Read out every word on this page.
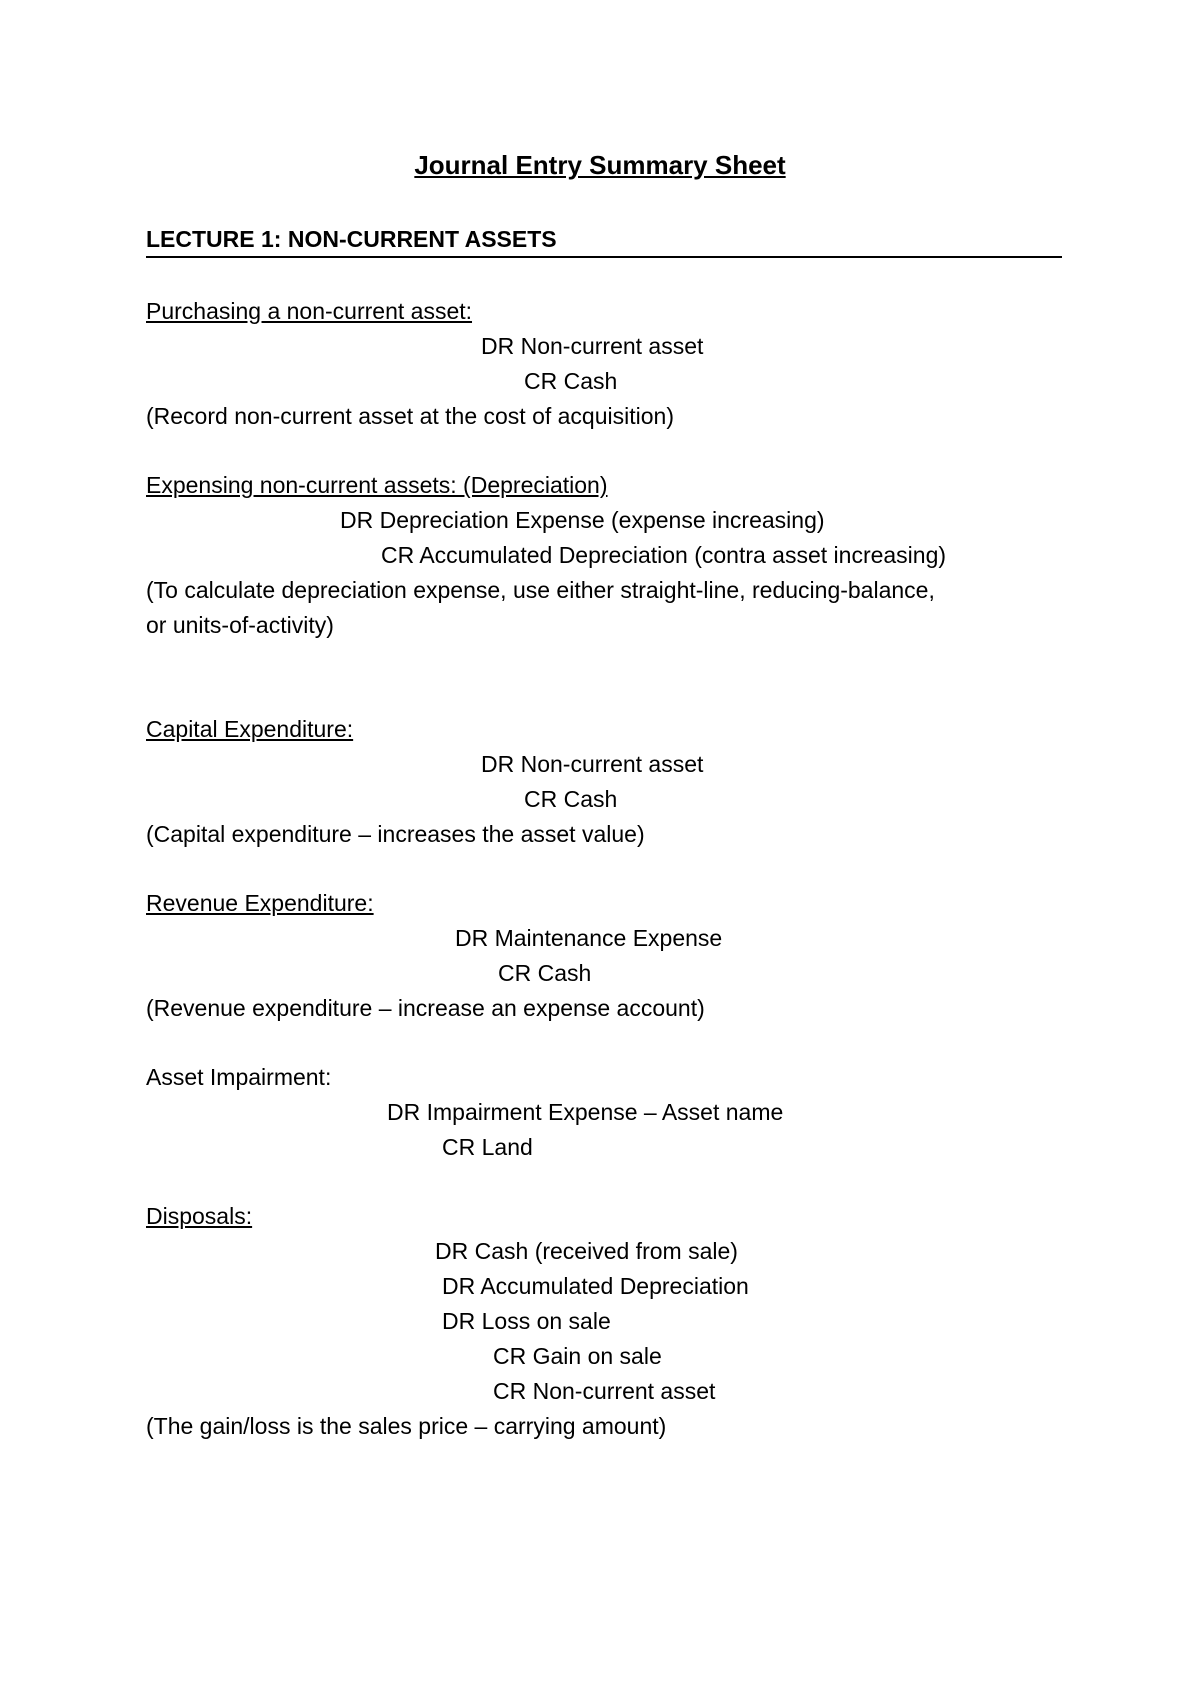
Journal Entry Summary Sheet
LECTURE 1: NON-CURRENT ASSETS
Purchasing a non-current asset:
DR Non-current asset
CR Cash
(Record non-current asset at the cost of acquisition)
Expensing non-current assets: (Depreciation)
DR Depreciation Expense (expense increasing)
CR Accumulated Depreciation (contra asset increasing)
(To calculate depreciation expense, use either straight-line, reducing-balance,
or units-of-activity)
Capital Expenditure:
DR Non-current asset
CR Cash
(Capital expenditure – increases the asset value)
Revenue Expenditure:
DR Maintenance Expense
CR Cash
(Revenue expenditure – increase an expense account)
Asset Impairment:
DR Impairment Expense – Asset name
CR Land
Disposals:
DR Cash (received from sale)
DR Accumulated Depreciation
DR Loss on sale
CR Gain on sale
CR Non-current asset
(The gain/loss is the sales price – carrying amount)
